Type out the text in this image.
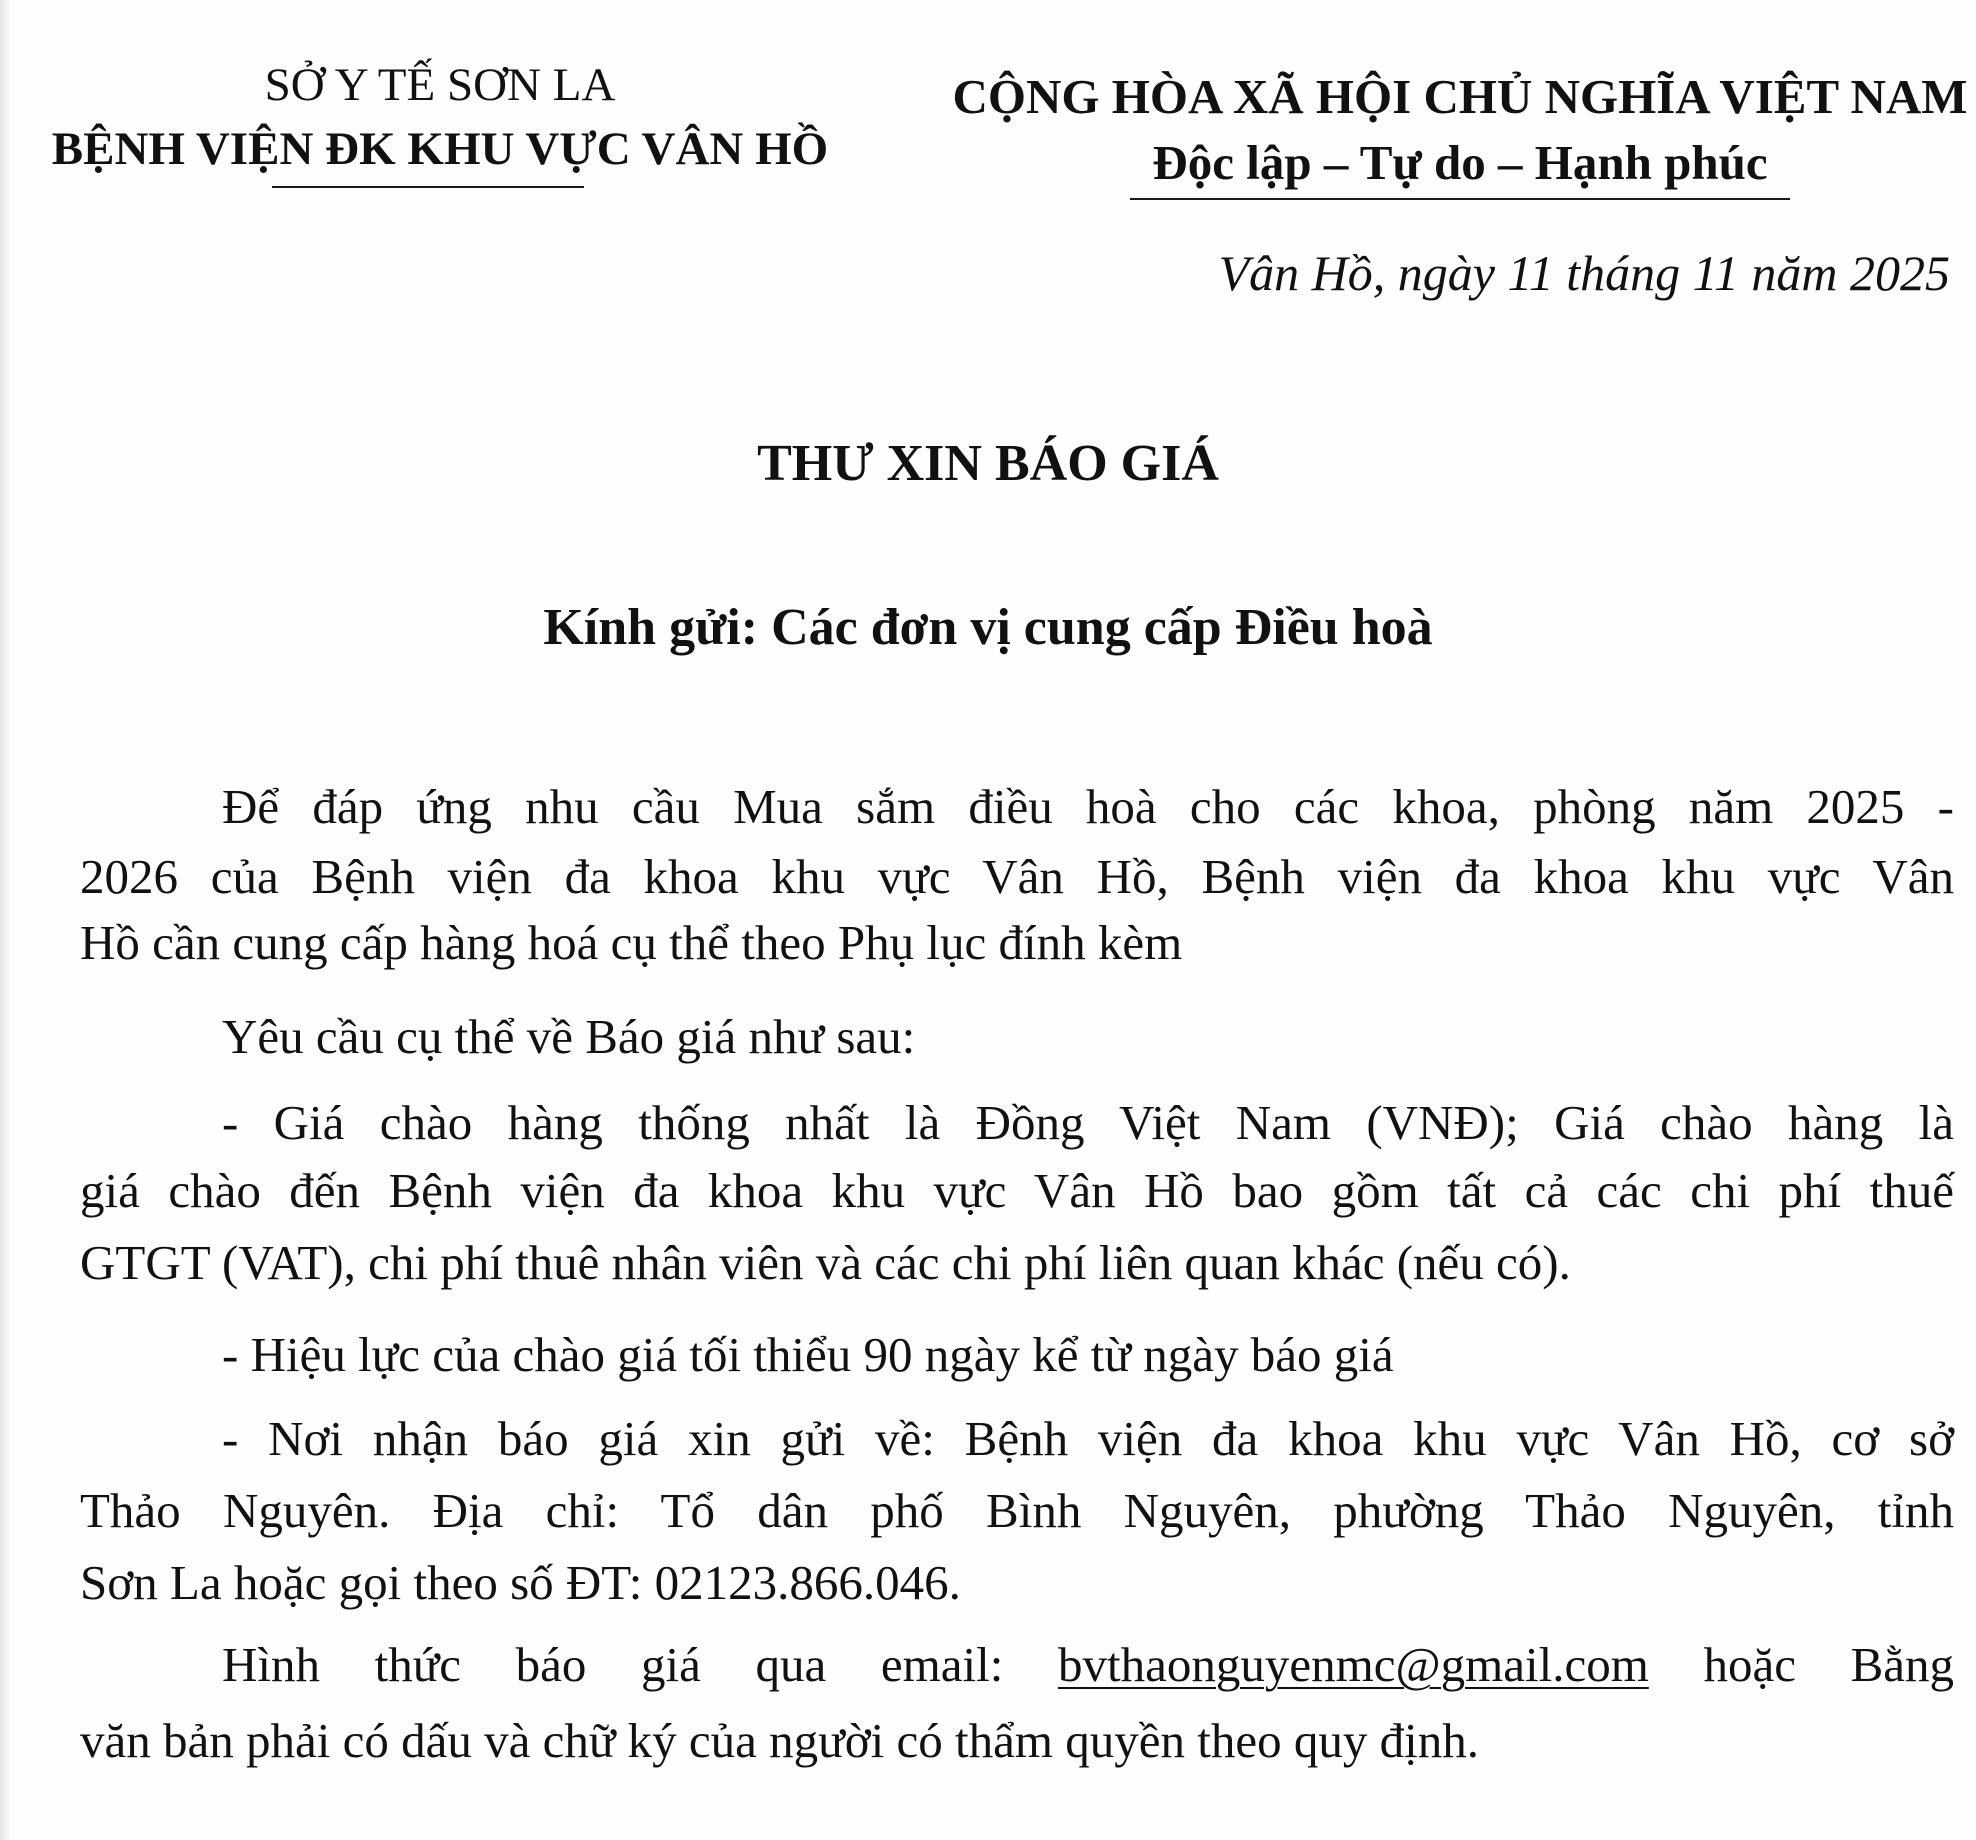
SỞ Y TẾ SƠN LA
BỆNH VIỆN ĐK KHU VỰC VÂN HỒ
CỘNG HÒA XÃ HỘI CHỦ NGHĨA VIỆT NAM
Độc lập – Tự do – Hạnh phúc
Vân Hồ, ngày 11 tháng 11 năm 2025
THƯ XIN BÁO GIÁ
Kính gửi: Các đơn vị cung cấp Điều hoà
Để đáp ứng nhu cầu Mua sắm điều hoà cho các khoa, phòng năm 2025 -
2026 của Bệnh viện đa khoa khu vực Vân Hồ, Bệnh viện đa khoa khu vực Vân
Hồ cần cung cấp hàng hoá cụ thể theo Phụ lục đính kèm
Yêu cầu cụ thể về Báo giá như sau:
- Giá chào hàng thống nhất là Đồng Việt Nam (VNĐ); Giá chào hàng là
giá chào đến Bệnh viện đa khoa khu vực Vân Hồ bao gồm tất cả các chi phí thuế
GTGT (VAT), chi phí thuê nhân viên và các chi phí liên quan khác (nếu có).
- Hiệu lực của chào giá tối thiểu 90 ngày kể từ ngày báo giá
- Nơi nhận báo giá xin gửi về: Bệnh viện đa khoa khu vực Vân Hồ, cơ sở
Thảo Nguyên. Địa chỉ: Tổ dân phố Bình Nguyên, phường Thảo Nguyên, tỉnh
Sơn La hoặc gọi theo số ĐT: 02123.866.046.
Hình thức báo giá qua email: bvthaonguyenmc@gmail.com hoặc Bằng
văn bản phải có dấu và chữ ký của người có thẩm quyền theo quy định.
